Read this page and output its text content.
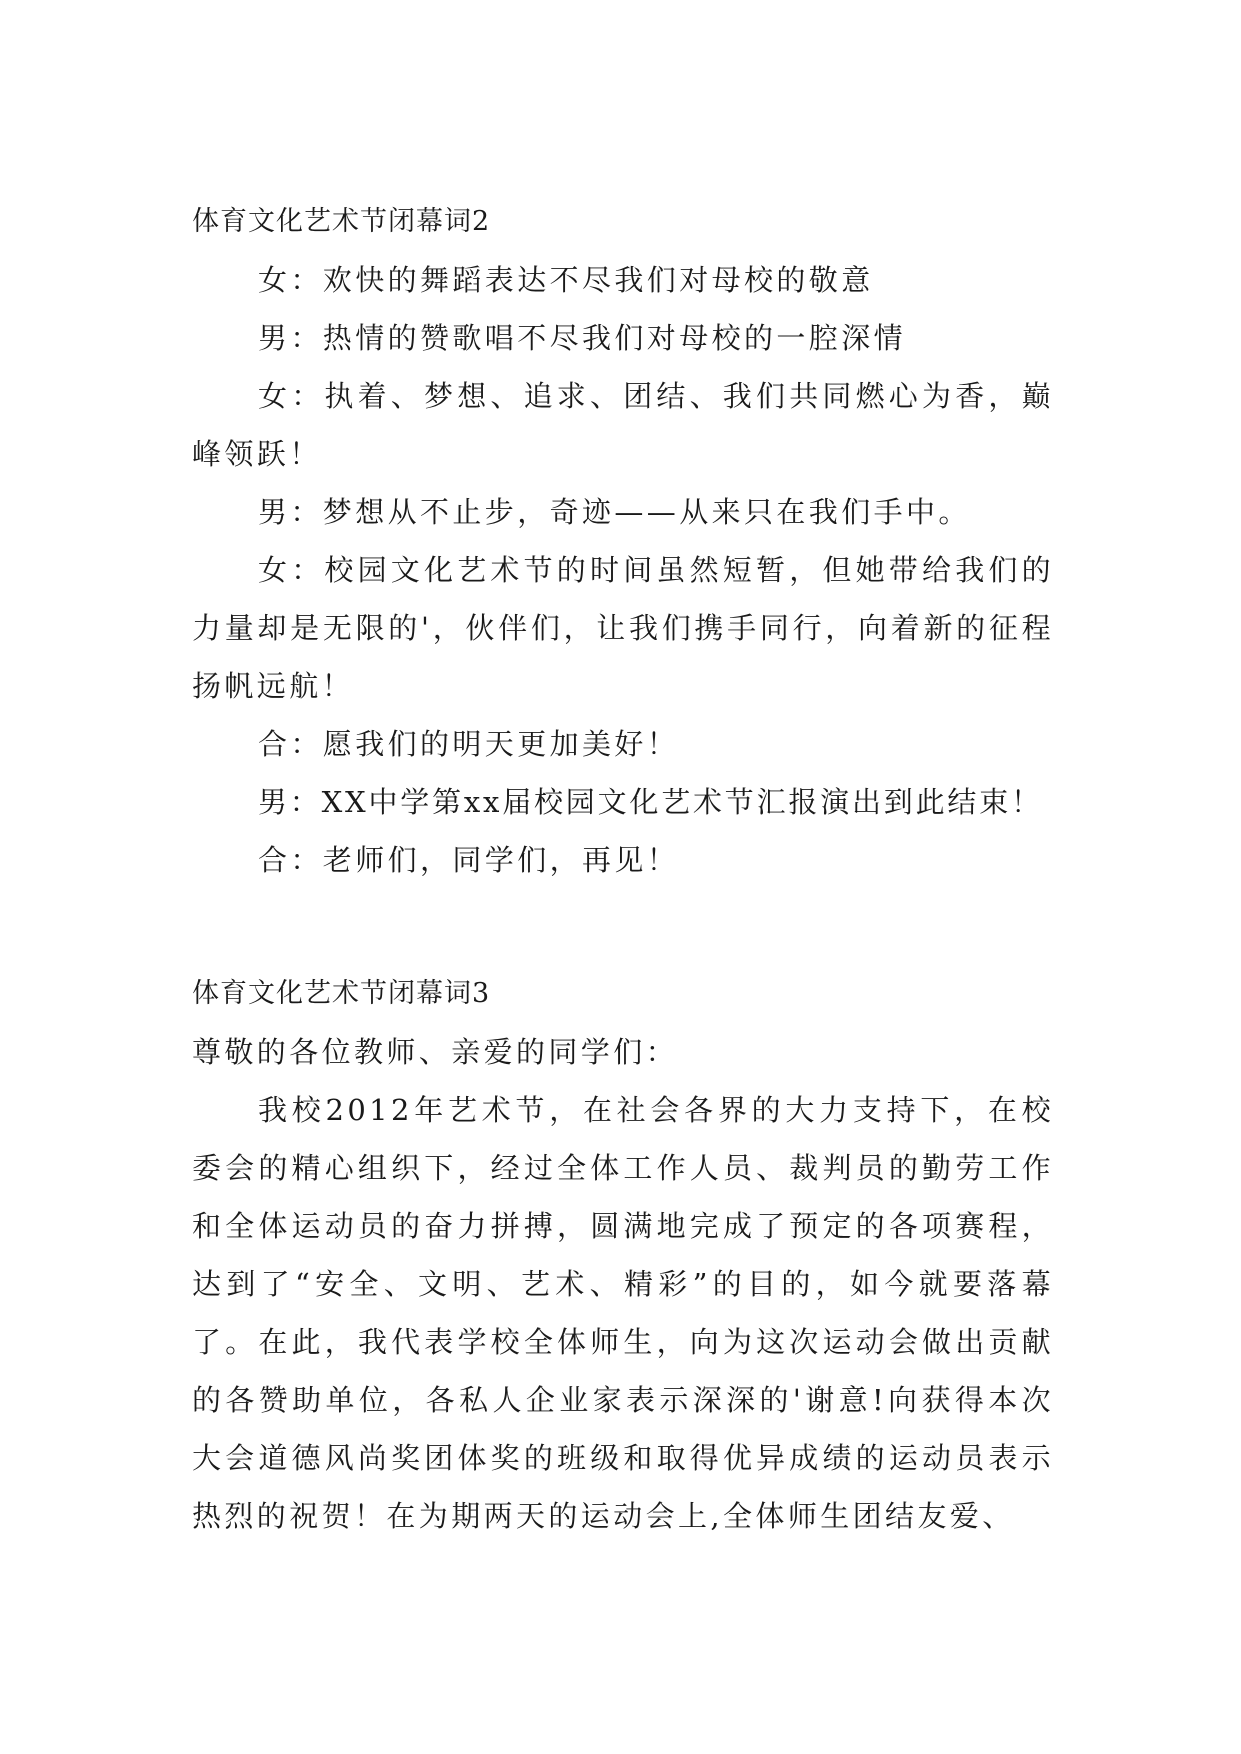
体育文化艺术节闭幕词2

女：欢快的舞蹈表达不尽我们对母校的敬意

男：热情的赞歌唱不尽我们对母校的一腔深情

女：执着、梦想、追求、团结、我们共同燃心为香，巅峰领跃！

男：梦想从不止步，奇迹——从来只在我们手中。

女：校园文化艺术节的时间虽然短暂，但她带给我们的力量却是无限的'，伙伴们，让我们携手同行，向着新的征程扬帆远航！

合：愿我们的明天更加美好！

男：XX中学第xx届校园文化艺术节汇报演出到此结束！

合：老师们，同学们，再见！

体育文化艺术节闭幕词3

尊敬的各位教师、亲爱的同学们：

我校2012年艺术节，在社会各界的大力支持下，在校委会的精心组织下，经过全体工作人员、裁判员的勤劳工作和全体运动员的奋力拼搏，圆满地完成了预定的各项赛程，达到了“安全、文明、艺术、精彩”的目的，如今就要落幕了。在此，我代表学校全体师生，向为这次运动会做出贡献的各赞助单位，各私人企业家表示深深的'谢意!向获得本次大会道德风尚奖团体奖的班级和取得优异成绩的运动员表示热烈的祝贺！在为期两天的运动会上,全体师生团结友爱、
